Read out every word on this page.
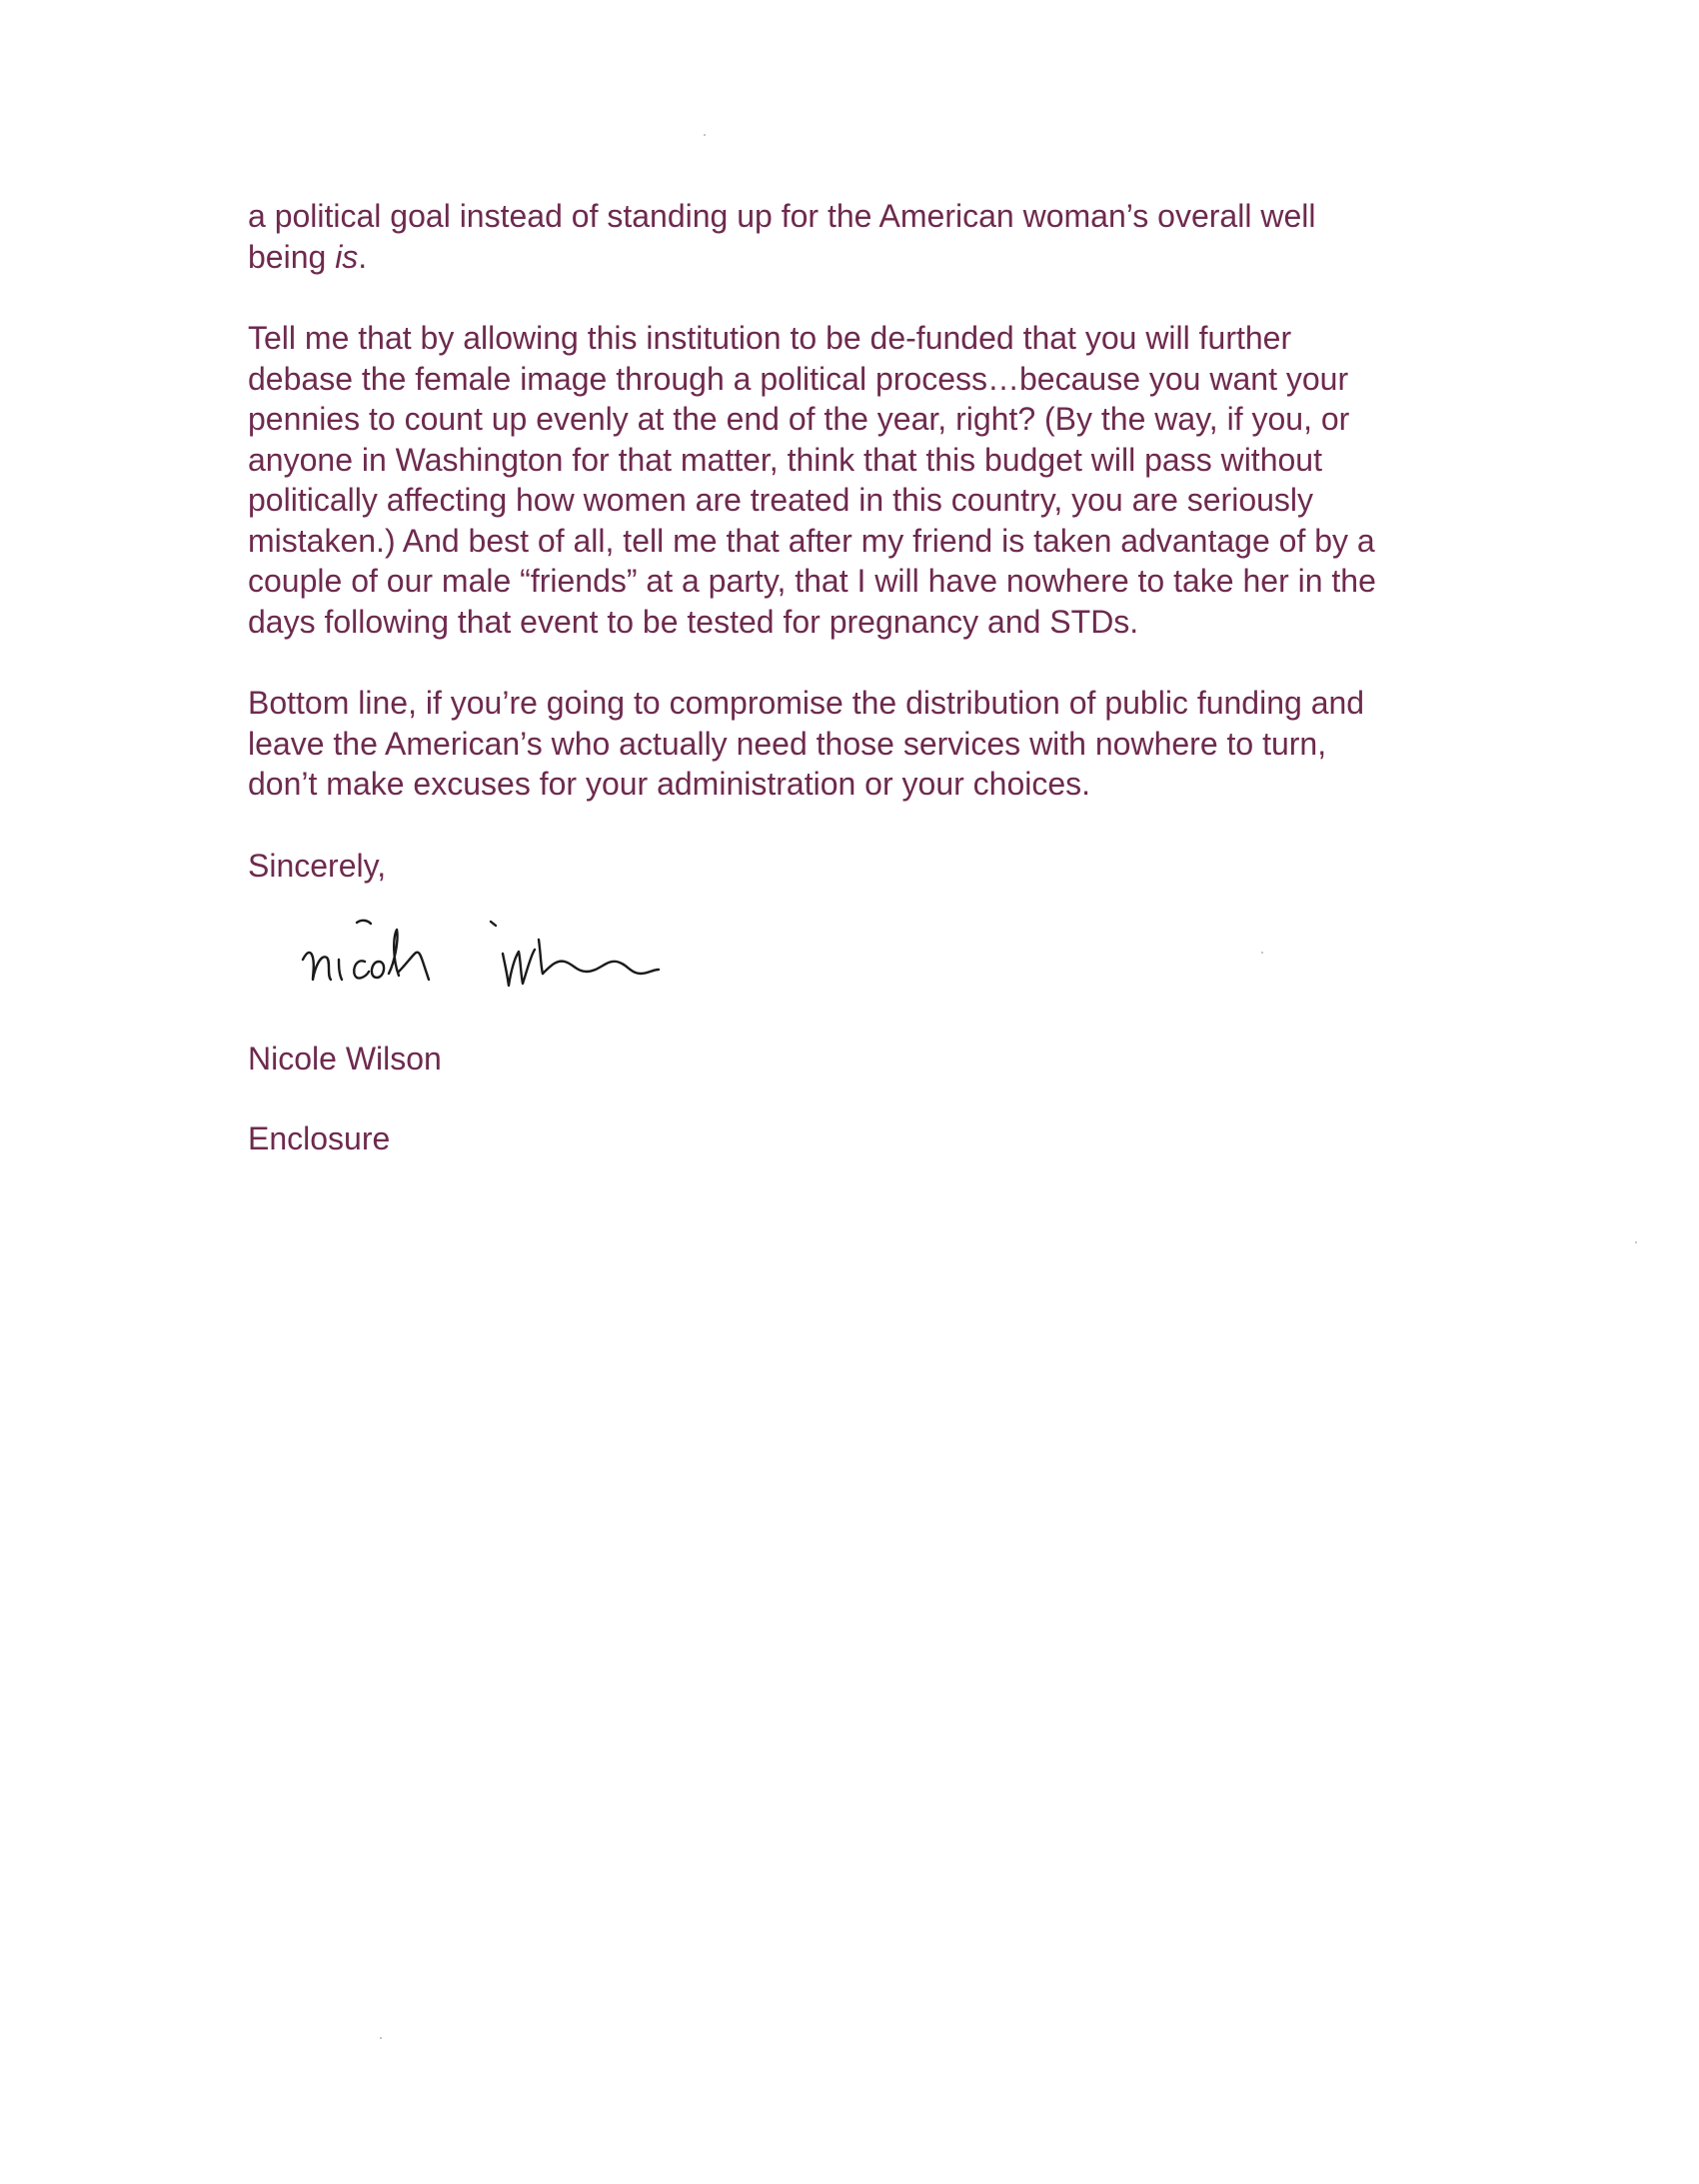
a political goal instead of standing up for the American woman’s overall well
being is.

Tell me that by allowing this institution to be de-funded that you will further
debase the female image through a political process…because you want your
pennies to count up evenly at the end of the year, right? (By the way, if you, or
anyone in Washington for that matter, think that this budget will pass without
politically affecting how women are treated in this country, you are seriously
mistaken.) And best of all, tell me that after my friend is taken advantage of by a
couple of our male “friends” at a party, that I will have nowhere to take her in the
days following that event to be tested for pregnancy and STDs.

Bottom line, if you’re going to compromise the distribution of public funding and
leave the American’s who actually need those services with nowhere to turn,
don’t make excuses for your administration or your choices.

Sincerely,

Nicole Wilson

Enclosure
